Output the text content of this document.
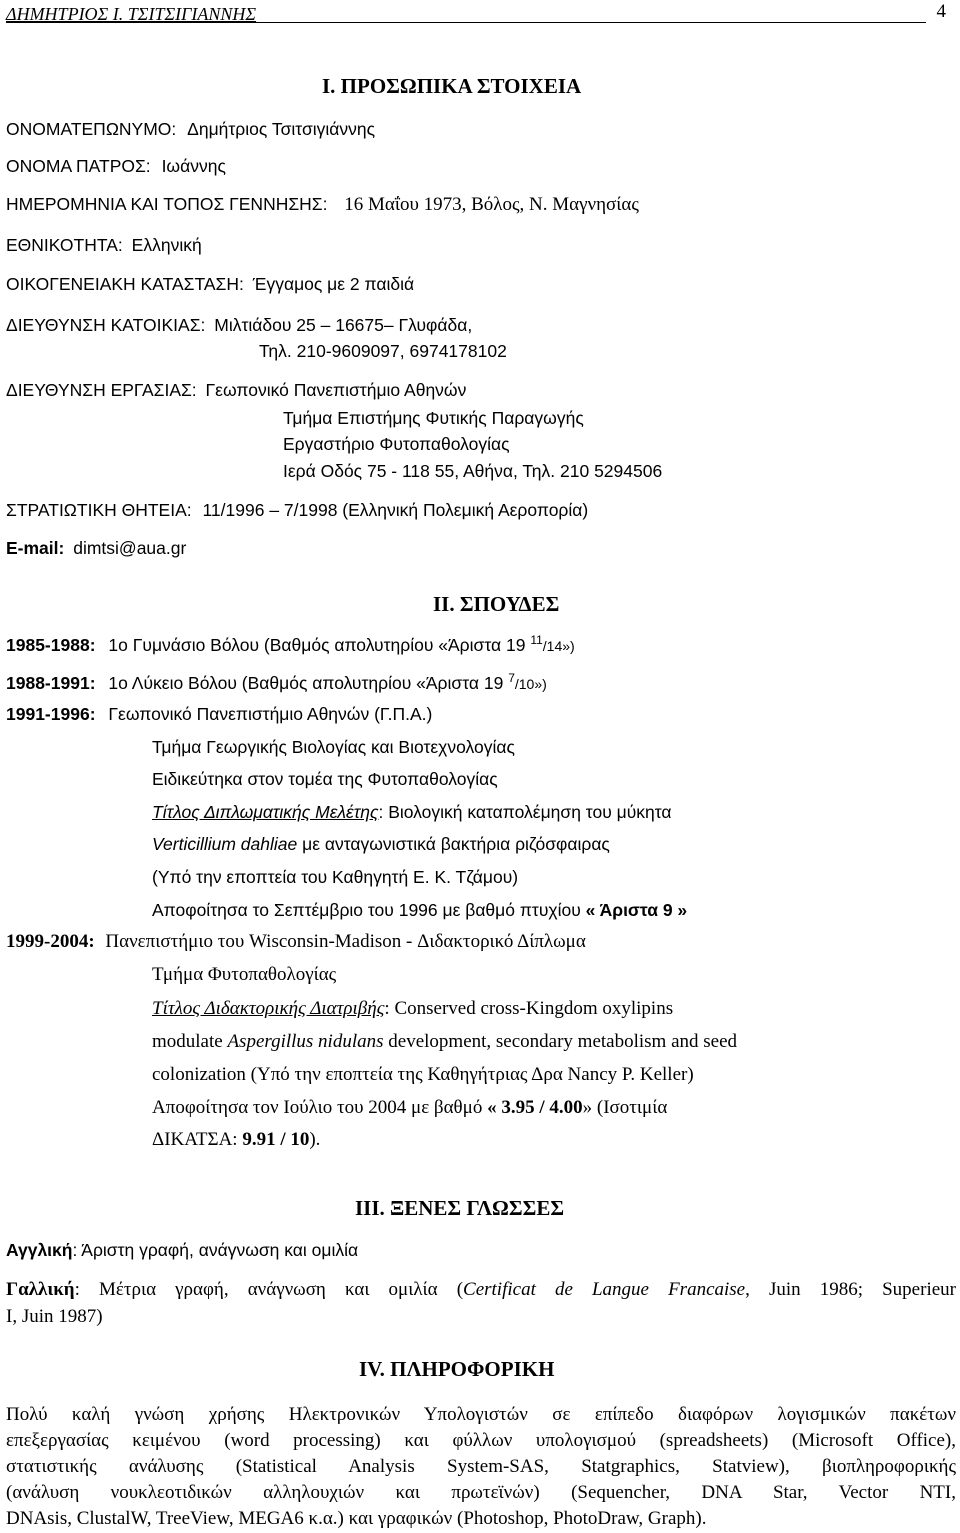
ΔΗΜΗΤΡΙΟΣ Ι. ΤΣΙΤΣΙΓΙΑΝΝΗΣ	4
Ι. ΠΡΟΣΩΠΙΚΑ ΣΤΟΙΧΕΙΑ
ΟΝΟΜΑΤΕΠΩΝΥΜΟ: Δημήτριος Τσιτσιγιάννης
ΟΝΟΜΑ ΠΑΤΡΟΣ: Ιωάννης
ΗΜΕΡΟΜΗΝΙΑ ΚΑΙ ΤΟΠΟΣ ΓΕΝΝΗΣΗΣ: 16 Μαΐου 1973, Βόλος, Ν. Μαγνησίας
ΕΘΝΙΚΟΤΗΤΑ: Ελληνική
ΟΙΚΟΓΕΝΕΙΑΚΗ ΚΑΤΑΣΤΑΣΗ: Έγγαμος με 2 παιδιά
ΔΙΕΥΘΥΝΣΗ ΚΑΤΟΙΚΙΑΣ: Μιλτιάδου 25 – 16675– Γλυφάδα,
Τηλ. 210-9609097, 6974178102
ΔΙΕΥΘΥΝΣΗ ΕΡΓΑΣΙΑΣ: Γεωπονικό Πανεπιστήμιο Αθηνών
Τμήμα Επιστήμης Φυτικής Παραγωγής
Εργαστήριο Φυτοπαθολογίας
Ιερά Οδός 75 - 118 55, Αθήνα, Τηλ. 210 5294506
ΣΤΡΑΤΙΩΤΙΚΗ ΘΗΤΕΙΑ: 11/1996 – 7/1998 (Ελληνική Πολεμική Αεροπορία)
E-mail: dimtsi@aua.gr
ΙΙ. ΣΠΟΥΔΕΣ
1985-1988: 1ο Γυμνάσιο Βόλου (Βαθμός απολυτηρίου «Άριστα 19 $^{11}$/14»)
1988-1991: 1ο Λύκειο Βόλου (Βαθμός απολυτηρίου «Άριστα 19 $^7$/10»)
1991-1996: Γεωπονικό Πανεπιστήμιο Αθηνών (Γ.Π.Α.)
Τμήμα Γεωργικής Βιολογίας και Βιοτεχνολογίας
Ειδικεύτηκα στον τομέα της Φυτοπαθολογίας
Τίτλος Διπλωματικής Μελέτης: Βιολογική καταπολέμηση του μύκητα
Verticillium dahliae με ανταγωνιστικά βακτήρια ριζόσφαιρας
(Υπό την εποπτεία του Καθηγητή Ε. Κ. Τζάμου)
Αποφοίτησα το Σεπτέμβριο του 1996 με βαθμό πτυχίου « Άριστα 9 »
1999-2004: Πανεπιστήμιο του Wisconsin-Madison - Διδακτορικό Δίπλωμα
Τμήμα Φυτοπαθολογίας
Τίτλος Διδακτορικής Διατριβής: Conserved cross-Kingdom oxylipins
modulate Aspergillus nidulans development, secondary metabolism and seed
colonization (Υπό την εποπτεία της Καθηγήτριας Δρα Nancy P. Keller)
Αποφοίτησα τον Ιούλιο του 2004 με βαθμό « 3.95 / 4.00» (Ισοτιμία
ΔΙΚΑΤΣΑ: 9.91 / 10).
ΙΙΙ. ΞΕΝΕΣ ΓΛΩΣΣΕΣ
Αγγλική: Άριστη γραφή, ανάγνωση και ομιλία
Γαλλική: Μέτρια γραφή, ανάγνωση και ομιλία (Certificat de Langue Francaise, Juin 1986; Superieur
I, Juin 1987)
IV. ΠΛΗΡΟΦΟΡΙΚΗ
Πολύ καλή γνώση χρήσης Ηλεκτρονικών Υπολογιστών σε επίπεδο διαφόρων λογισμικών πακέτων
επεξεργασίας κειμένου (word processing) και φύλλων υπολογισμού (spreadsheets) (Microsoft Office),
στατιστικής ανάλυσης (Statistical Analysis System-SAS, Statgraphics, Statview), βιοπληροφορικής
(ανάλυση νουκλεοτιδικών αλληλουχιών και πρωτεϊνών) (Sequencher, DNA Star, Vector NTI,
DNAsis, ClustalW, TreeView, MEGA6 κ.α.) και γραφικών (Photoshop, PhotoDraw, Graph).
